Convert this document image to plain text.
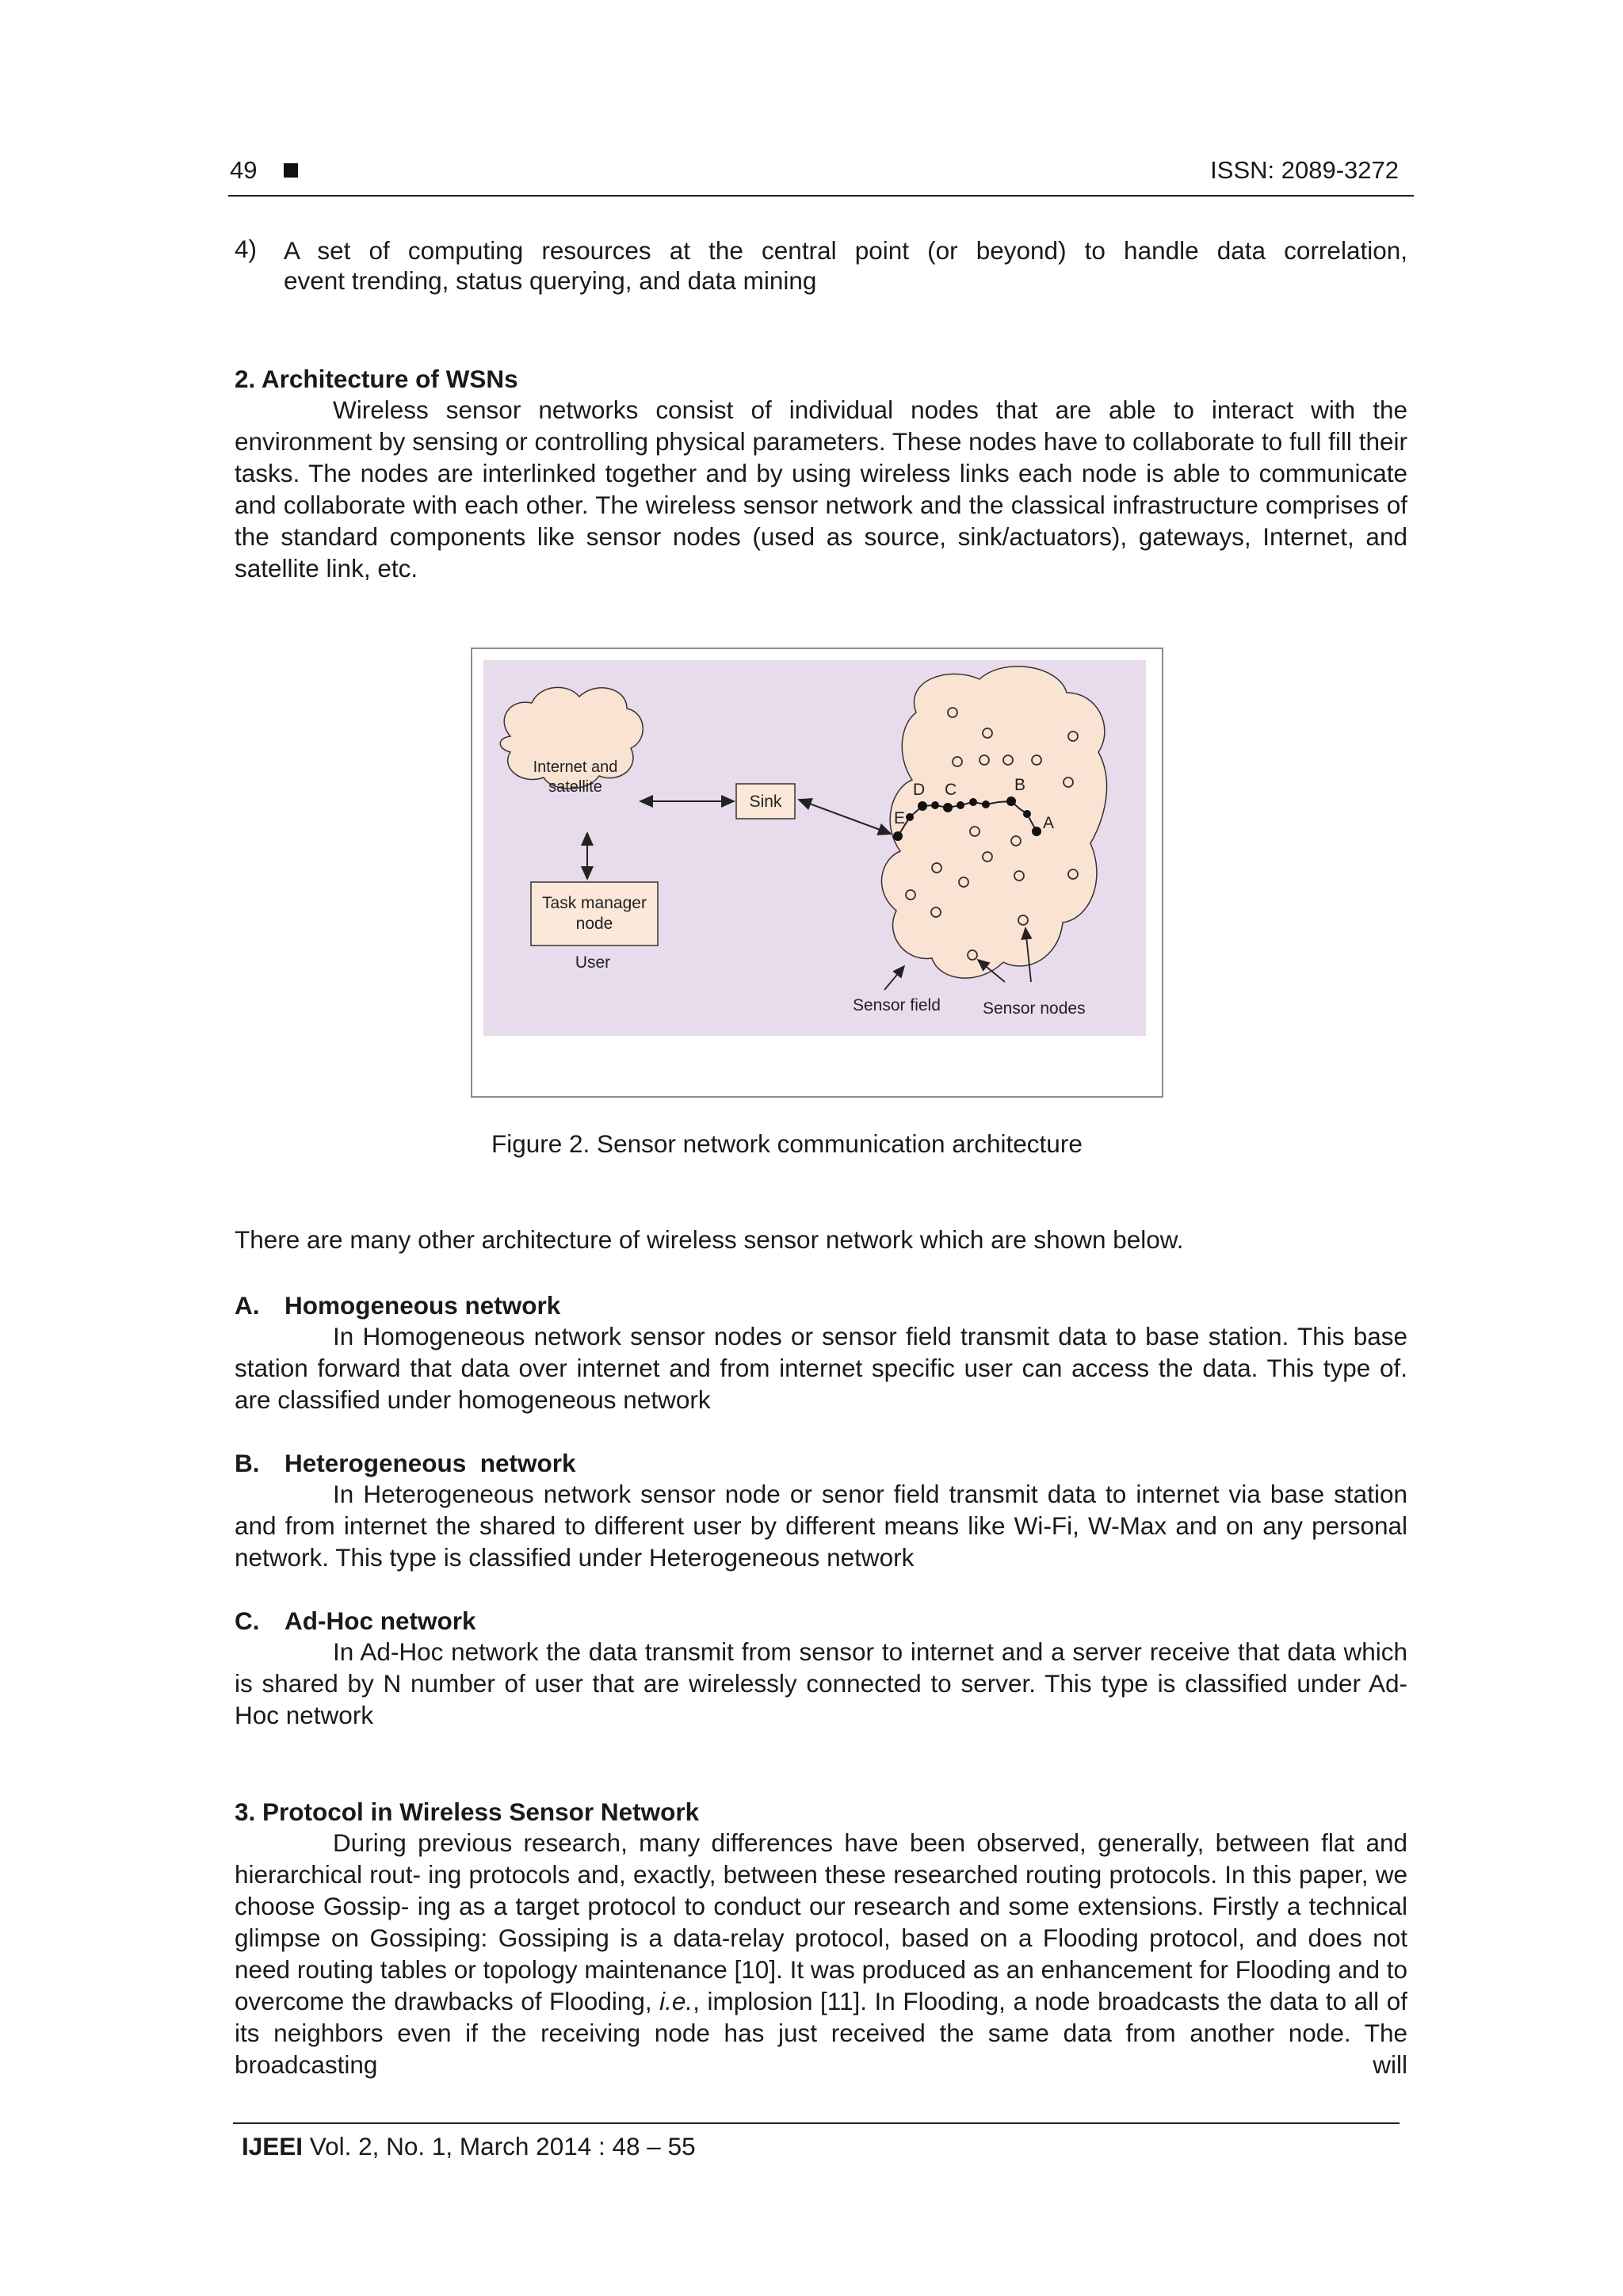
49	ISSN: 2089-3272
4) A set of computing resources at the central point (or beyond) to handle data correlation,
event trending, status querying, and data mining
2. Architecture of WSNs
Wireless sensor networks consist of individual nodes that are able to interact with the environment by sensing or controlling physical parameters. These nodes have to collaborate to full fill their tasks. The nodes are interlinked together and by using wireless links each node is able to communicate and collaborate with each other. The wireless sensor network and the classical infrastructure comprises of the standard components like sensor nodes (used as source, sink/actuators), gateways, Internet, and satellite link, etc.
Internet and
satellite
Sink
Task manager
node
User
E
D C	B
A
Sensor field	Sensor nodes
Figure 2. Sensor network communication architecture
There are many other architecture of wireless sensor network which are shown below.
A. Homogeneous network
In Homogeneous network sensor nodes or sensor field transmit data to base station. This base station forward that data over internet and from internet specific user can access the data. This type of. are classified under homogeneous network
B. Heterogeneous  network
In Heterogeneous network sensor node or senor field transmit data to internet via base station and from internet the shared to different user by different means like Wi-Fi, W-Max and on any personal network. This type is classified under Heterogeneous network
C. Ad-Hoc network
In Ad-Hoc network the data transmit from sensor to internet and a server receive that data which is shared by N number of user that are wirelessly connected to server. This type is classified under Ad-Hoc network
3. Protocol in Wireless Sensor Network
During previous research, many differences have been observed, generally, between flat and hierarchical rout- ing protocols and, exactly, between these researched routing protocols. In this paper, we choose Gossip- ing as a target protocol to conduct our research and some extensions. Firstly a technical glimpse on Gossiping: Gossiping is a data-relay protocol, based on a Flooding protocol, and does not need routing tables or topology maintenance [10]. It was produced as an enhancement for Flooding and to overcome the drawbacks of Flooding, i.e., implosion [11]. In Flooding, a node broadcasts the data to all of its neighbors even if the receiving node has just received the same data from another node. The broadcasting will
IJEEI Vol. 2, No. 1, March 2014 : 48 – 55
